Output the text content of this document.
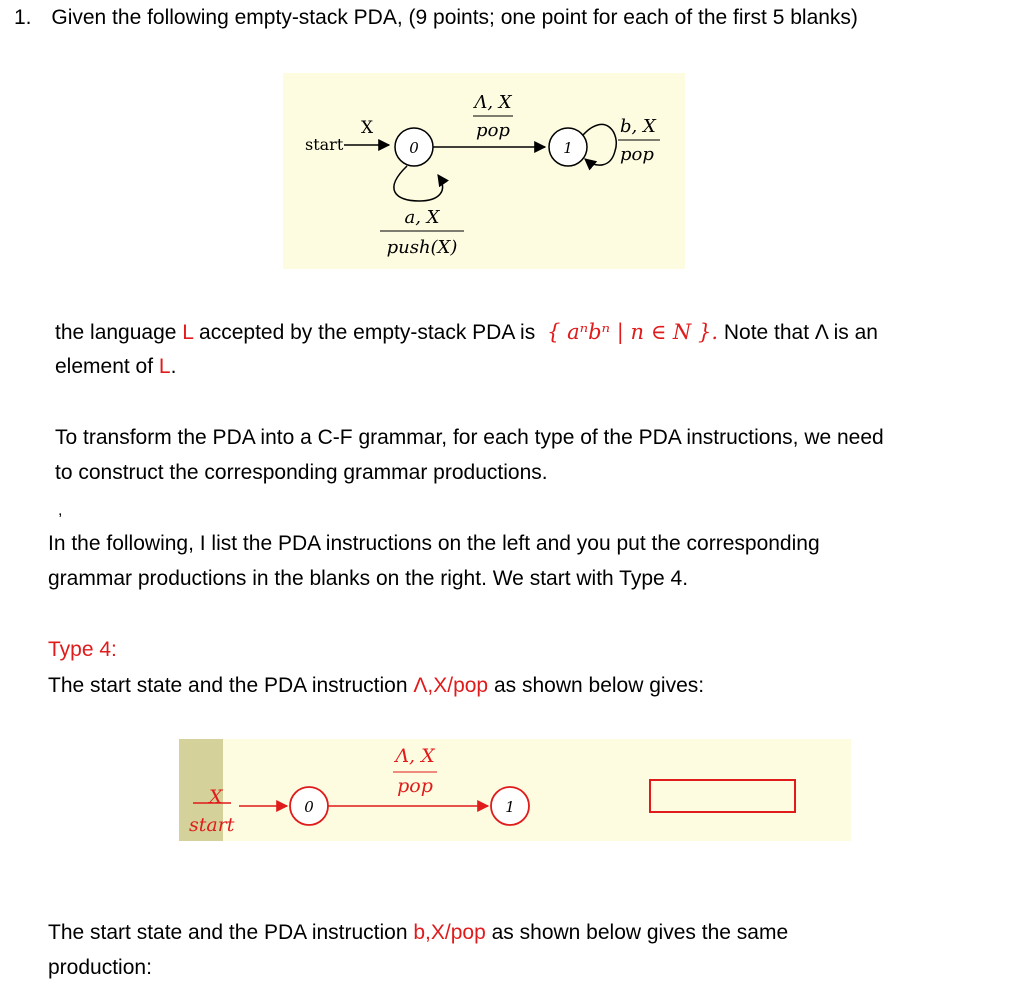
1. Given the following empty-stack PDA, (9 points; one point for each of the first 5 blanks)
start
X
0
Λ, X
pop
1
b, X
pop
a, X
push(X)
the language L accepted by the empty-stack PDA is { aⁿbⁿ | n ∈ N }. Note that Λ is an
element of L.
To transform the PDA into a C-F grammar, for each type of the PDA instructions, we need
to construct the corresponding grammar productions.
,
In the following, I list the PDA instructions on the left and you put the corresponding
grammar productions in the blanks on the right. We start with Type 4.
Type 4:
The start state and the PDA instruction Λ,X/pop as shown below gives:
X
start
0
Λ, X
pop
1
The start state and the PDA instruction b,X/pop as shown below gives the same
production:
